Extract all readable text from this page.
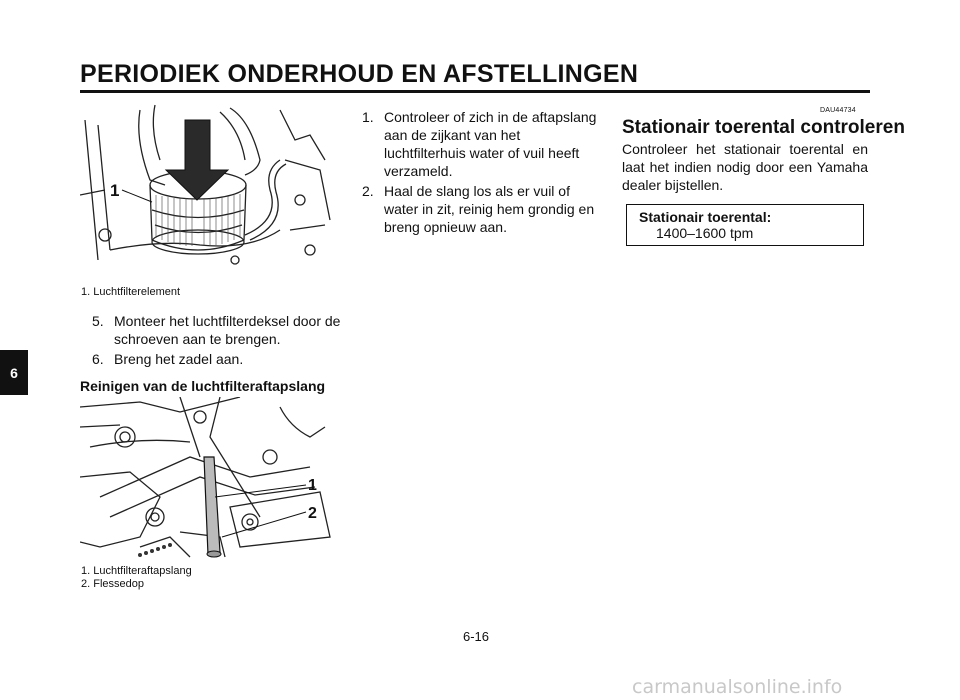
PERIODIEK ONDERHOUD EN AFSTELLINGEN
6
1
1. Luchtfilterelement
5. Monteer het luchtfilterdeksel door de schroeven aan te brengen.
6. Breng het zadel aan.
Reinigen van de luchtfilteraftapslang
1
2
1. Luchtfilteraftapslang
2. Flessedop
1. Controleer of zich in de aftapslang aan de zijkant van het luchtfilterhuis water of vuil heeft verzameld.
2. Haal de slang los als er vuil of water in zit, reinig hem grondig en breng opnieuw aan.
DAU44734
Stationair toerental controleren
Controleer het stationair toerental en laat het indien nodig door een Yamaha dealer bijstellen.
Stationair toerental:
1400–1600 tpm
6-16
carmanualsonline.info
